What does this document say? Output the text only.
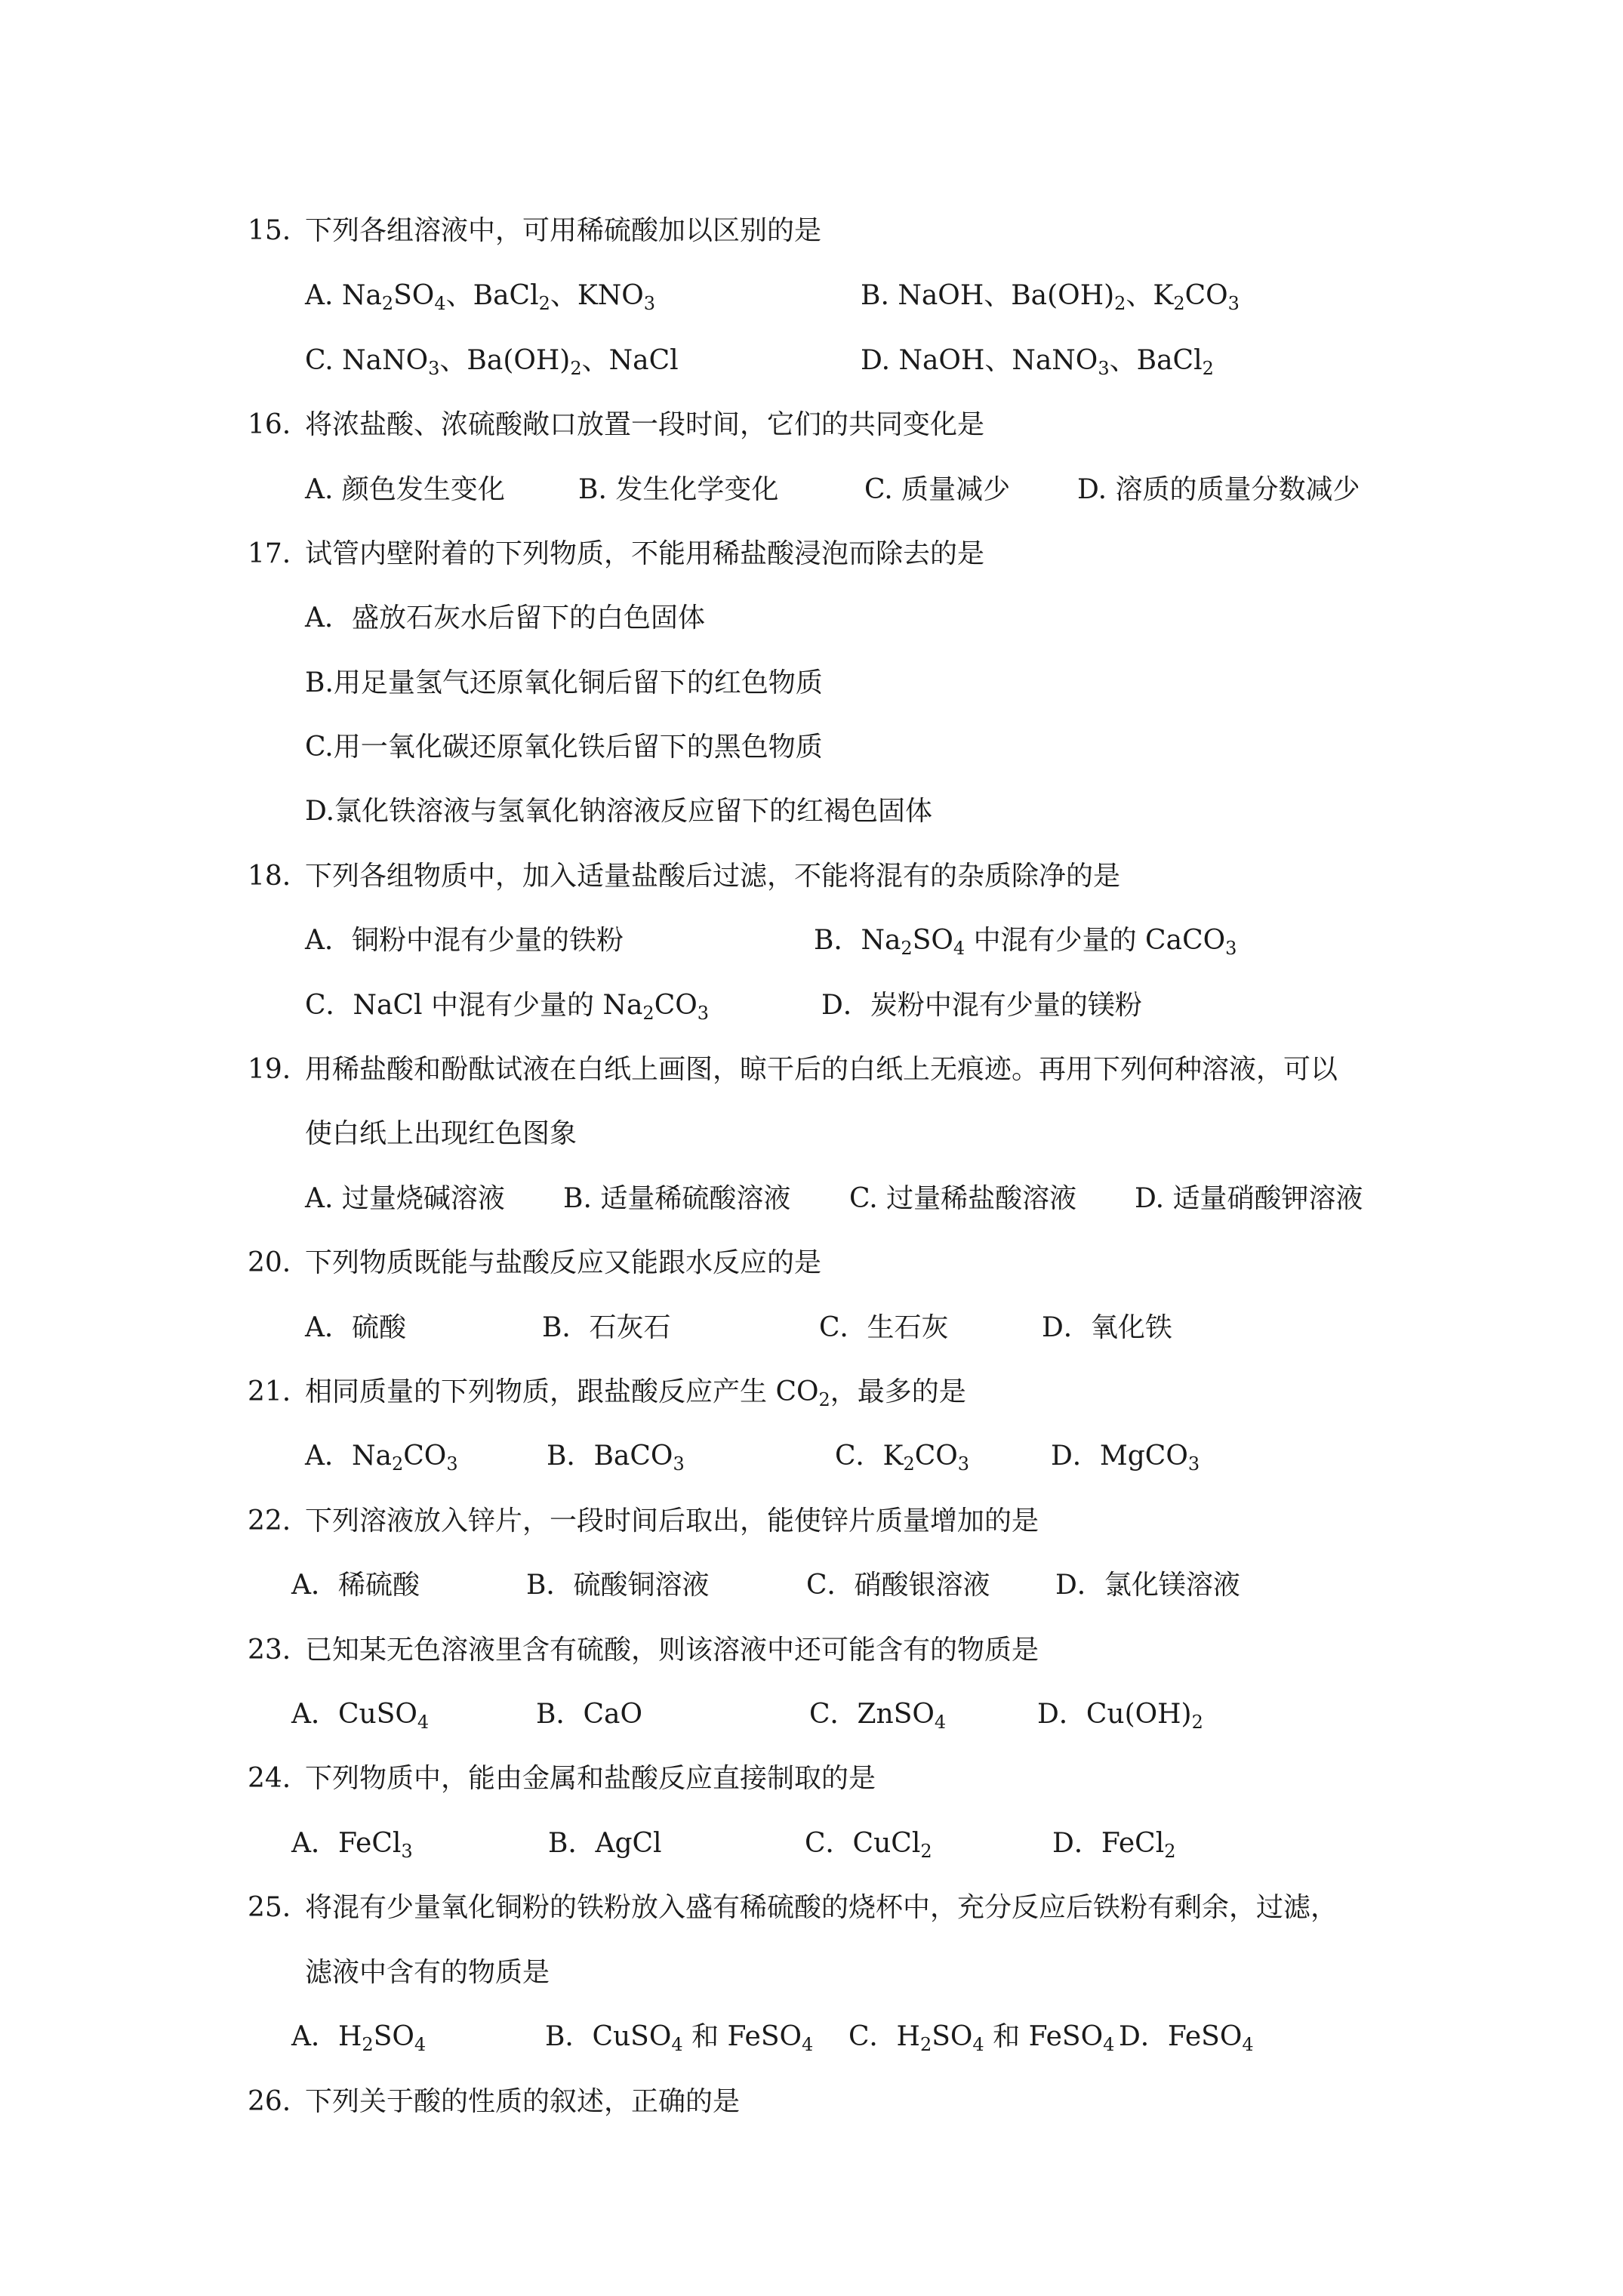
15. 下列各组溶液中，可用稀硫酸加以区别的是
A. $Na_2SO_4$、BaCl$_2$、$KNO_3$	B. NaOH、$Ba(OH)_2$、$K_2CO_3$
C. NaNO$_3$、$Ba(OH)_2$、NaCl	D. NaOH、NaNO$_3$、BaCl$_2$
16. 将浓盐酸、浓硫酸敞口放置一段时间，它们的共同变化是
A. 颜色发生变化	B. 发生化学变化	C. 质量减少 D. 溶质的质量分数减少
17. 试管内壁附着的下列物质，不能用稀盐酸浸泡而除去的是
A．盛放石灰水后留下的白色固体
B.用足量氢气还原氧化铜后留下的红色物质
C.用一氧化碳还原氧化铁后留下的黑色物质
D.氯化铁溶液与氢氧化钠溶液反应留下的红褐色固体
18. 下列各组物质中，加入适量盐酸后过滤，不能将混有的杂质除净的是
A．铜粉中混有少量的铁粉	B．$Na_2SO_4$ 中混有少量的 CaCO$_3$
C．NaCl 中混有少量的 $Na_2CO_3$	D．炭粉中混有少量的镁粉
19. 用稀盐酸和酚酞试液在白纸上画图，晾干后的白纸上无痕迹。再用下列何种溶液，可以
使白纸上出现红色图象
A. 过量烧碱溶液 B. 适量稀硫酸溶液 C. 过量稀盐酸溶液 D. 适量硝酸钾溶液
20. 下列物质既能与盐酸反应又能跟水反应的是
A．硫酸	B．石灰石	C．生石灰	D．氧化铁
21. 相同质量的下列物质，跟盐酸反应产生 $CO_2$，最多的是
A．$Na_2CO_3$	B．BaCO$_3$	C．$K_2CO_3$	D．MgCO$_3$
22. 下列溶液放入锌片，一段时间后取出，能使锌片质量增加的是
A．稀硫酸	B．硫酸铜溶液	C．硝酸银溶液 D．氯化镁溶液
23. 已知某无色溶液里含有硫酸，则该溶液中还可能含有的物质是
A．CuSO$_4$	B．CaO	C．ZnSO$_4$	D．$Cu(OH)_2$
24. 下列物质中，能由金属和盐酸反应直接制取的是
A．FeCl$_3$	B．AgCl	C．CuCl$_2$	D．FeCl$_2$
25. 将混有少量氧化铜粉的铁粉放入盛有稀硫酸的烧杯中，充分反应后铁粉有剩余，过滤，
滤液中含有的物质是
A．$H_2SO_4$	B．CuSO$_4$ 和 FeSO$_4$ C．$H_2SO_4$ 和 FeSO$_4$ D．FeSO$_4$
26. 下列关于酸的性质的叙述，正确的是
